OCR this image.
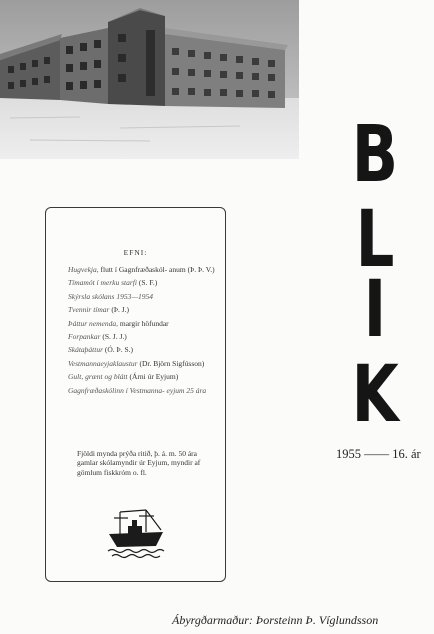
B
L
I
K
1955 —— 16. ár
EFNI:
Hugvekja, flutt í Gagnfræðaskól- anum (Þ. Þ. V.)
Tímamót í merku starfi (S. F.)
Skýrsla skólans 1953—1954
Tvennir tímar (Þ. J.)
Þáttur nemenda, margir höfundar
Forpankar (S. J. J.)
Skátaþáttur (Ó. Þ. S.)
Vestmannaeyjaklaustur (Dr. Björn Sigfússon)
Gult, grænt og blátt (Árni úr Eyjum)
Gagnfræðaskólinn í Vestmanna- eyjum 25 ára
Fjöldi mynda prýða ritið, þ. á. m. 50 ára gamlar skólamyndir úr Eyjum, myndir af gömlum fiskkróm o. fl.
Ábyrgðarmaður: Þorsteinn Þ. Víglundsson
